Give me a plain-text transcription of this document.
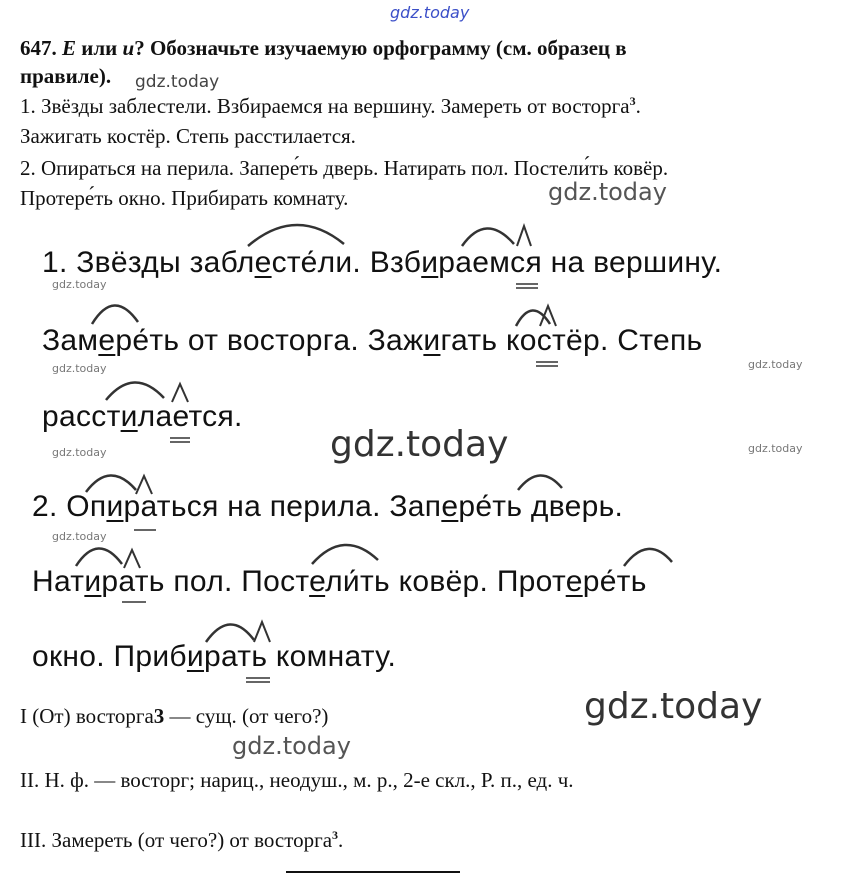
gdz.today
647. Е или и? Обозначьте изучаемую орфограмму (см. образец в
правиле). gdz.today
1. Звёзды заблестели. Взбираемся на вершину. Замереть от восторга$^3$.
Зажигать костёр. Степь расстилается.
2. Опираться на перила. Запере́ть дверь. Натирать пол. Постели́ть ковёр.
Протере́ть окно. Прибирать комнату.	gdz.today
1. Звёзды заблесте́ли. Взбираемся на вершину.
gdz.today
Замере́ть от восторга. Зажигать костёр. Степь
gdz.today	gdz.today
расстилается.
gdz.today
gdz.today	gdz.today
2. Опираться на перила. Запере́ть дверь.
gdz.today
Натирать пол. Постели́ть ковёр. Протере́ть
окно. Прибирать комнату.
I (От) восторга3 — сущ. (от чего?)	gdz.today
gdz.today
II. Н. ф. — восторг; нариц., неодуш., м. р., 2-е скл., Р. п., ед. ч.
III. Замереть (от чего?) от восторга$^3$.
